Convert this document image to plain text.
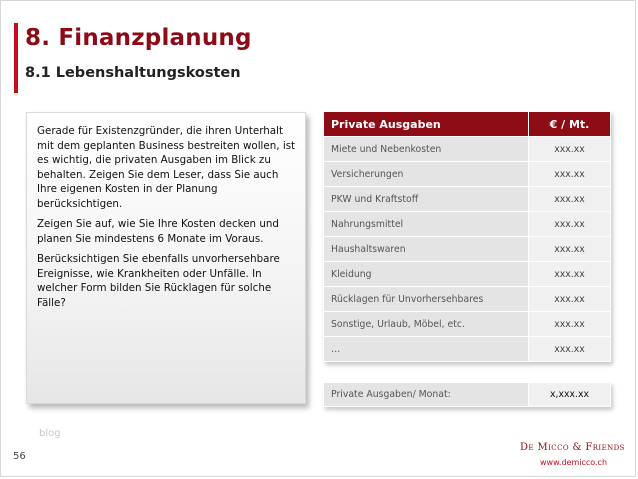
8. Finanzplanung
8.1 Lebenshaltungskosten

Gerade für Existenzgründer, die ihren Unterhalt mit dem geplanten Business bestreiten wollen, ist es wichtig, die privaten Ausgaben im Blick zu behalten. Zeigen Sie dem Leser, dass Sie auch Ihre eigenen Kosten in der Planung berücksichtigen.

Zeigen Sie auf, wie Sie Ihre Kosten decken und planen Sie mindestens 6 Monate im Voraus.

Berücksichtigen Sie ebenfalls unvorhersehbare Ereignisse, wie Krankheiten oder Unfälle. In welcher Form bilden Sie Rücklagen für solche Fälle?

Private Ausgaben	€ / Mt.
Miete und Nebenkosten	xxx.xx
Versicherungen	xxx.xx
PKW und Kraftstoff	xxx.xx
Nahrungsmittel	xxx.xx
Haushaltswaren	xxx.xx
Kleidung	xxx.xx
Rücklagen für Unvorhersehbares	xxx.xx
Sonstige, Urlaub, Möbel, etc.	xxx.xx
…	xxx.xx
Private Ausgaben/ Monat:	x,xxx.xx
blog
56
De Micco & Friends
www.demicco.ch
